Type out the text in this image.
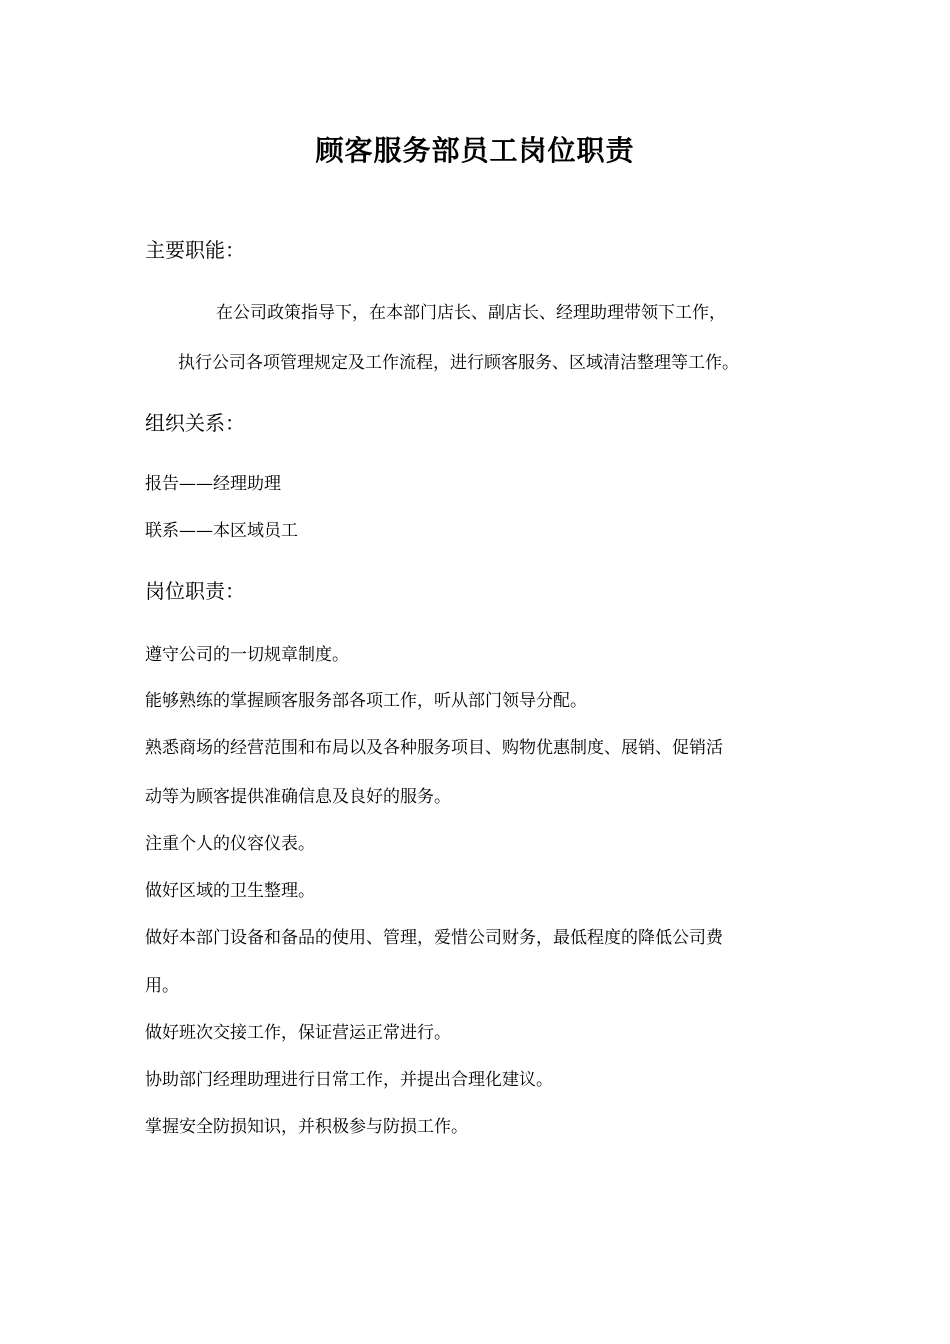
顾客服务部员工岗位职责
主要职能：
在公司政策指导下，在本部门店长、副店长、经理助理带领下工作，
执行公司各项管理规定及工作流程，进行顾客服务、区域清洁整理等工作。
组织关系：
报告——经理助理
联系——本区域员工
岗位职责：
遵守公司的一切规章制度。
能够熟练的掌握顾客服务部各项工作，听从部门领导分配。
熟悉商场的经营范围和布局以及各种服务项目、购物优惠制度、展销、促销活
动等为顾客提供准确信息及良好的服务。
注重个人的仪容仪表。
做好区域的卫生整理。
做好本部门设备和备品的使用、管理，爱惜公司财务，最低程度的降低公司费
用。
做好班次交接工作，保证营运正常进行。
协助部门经理助理进行日常工作，并提出合理化建议。
掌握安全防损知识，并积极参与防损工作。
